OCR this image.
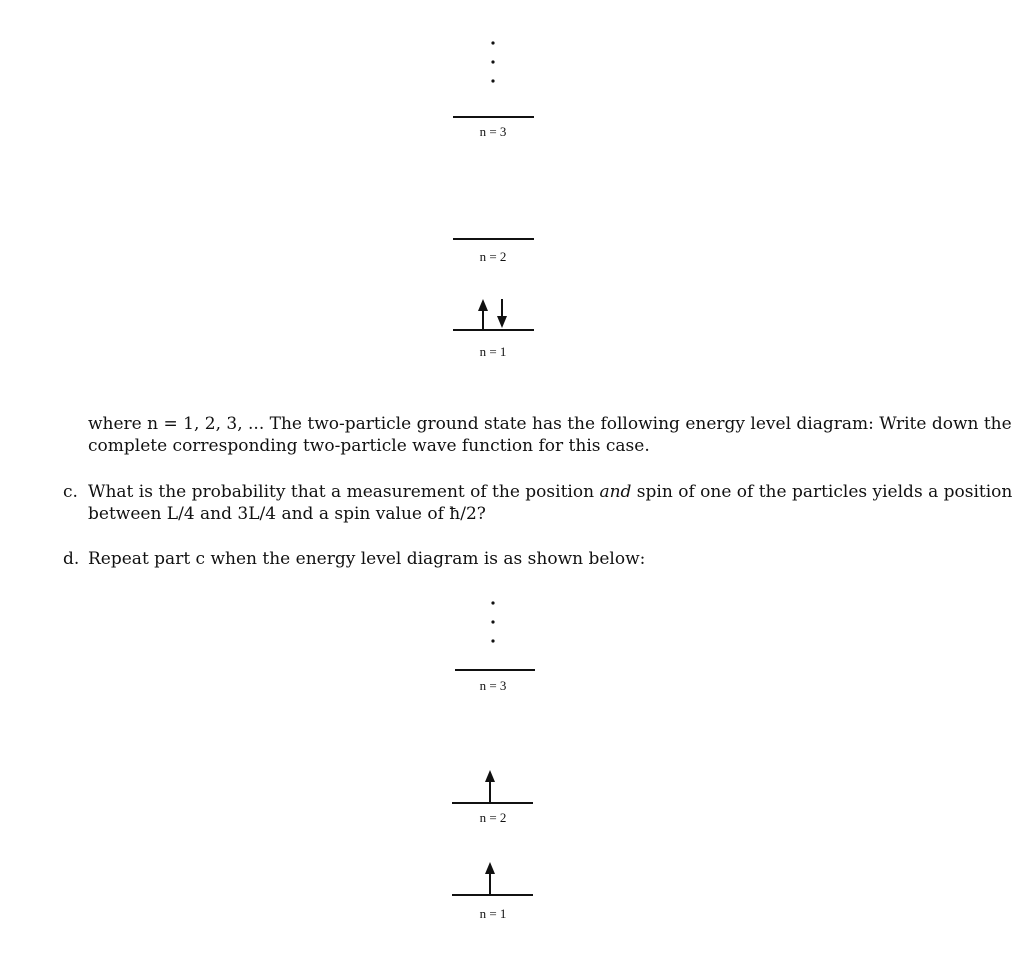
n = 3
n = 2
n = 1
where n = 1, 2, 3, ... The two-particle ground state has the following energy level diagram: Write down the
complete corresponding two-particle wave function for this case.
c. What is the probability that a measurement of the position and spin of one of the particles yields a position
between L/4 and 3L/4 and a spin value of ħ/2?
d. Repeat part c when the energy level diagram is as shown below:
n = 3
n = 2
n = 1
